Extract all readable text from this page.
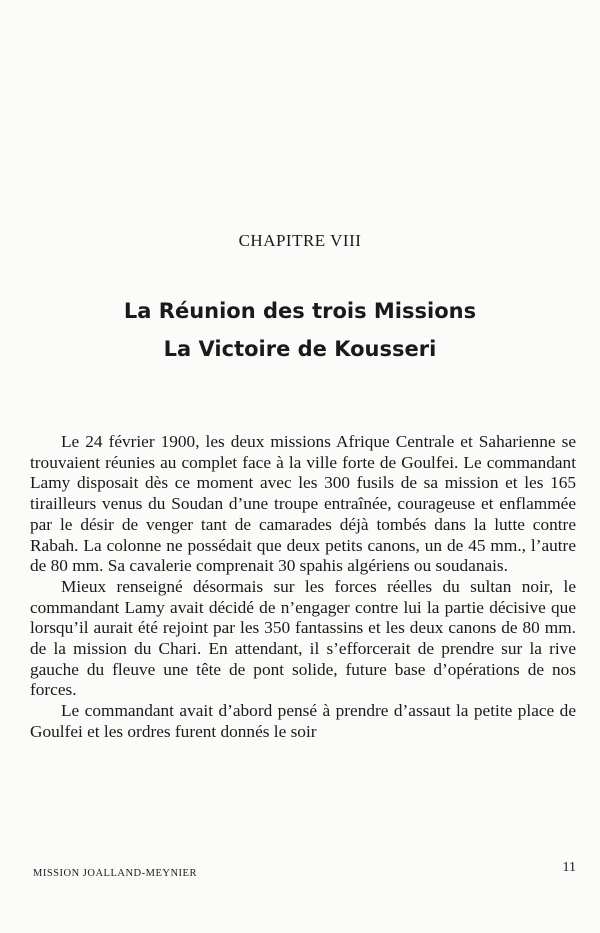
CHAPITRE VIII
La Réunion des trois Missions
La Victoire de Kousseri

Le 24 février 1900, les deux missions Afrique Centrale et Saharienne se trouvaient réunies au complet face à la ville forte de Goulfei. Le commandant Lamy disposait dès ce moment avec les 300 fusils de sa mission et les 165 tirailleurs venus du Soudan d’une troupe entraînée, courageuse et enflammée par le désir de venger tant de camarades déjà tombés dans la lutte contre Rabah. La colonne ne possédait que deux petits canons, un de 45 mm., l’autre de 80 mm. Sa cavalerie comprenait 30 spahis algériens ou soudanais.

Mieux renseigné désormais sur les forces réelles du sultan noir, le commandant Lamy avait décidé de n’engager contre lui la partie décisive que lorsqu’il aurait été rejoint par les 350 fantassins et les deux canons de 80 mm. de la mission du Chari. En attendant, il s’efforcerait de prendre sur la rive gauche du fleuve une tête de pont solide, future base d’opérations de nos forces.

Le commandant avait d’abord pensé à prendre d’assaut la petite place de Goulfei et les ordres furent donnés le soir

MISSION JOALLAND-MEYNIER	11
